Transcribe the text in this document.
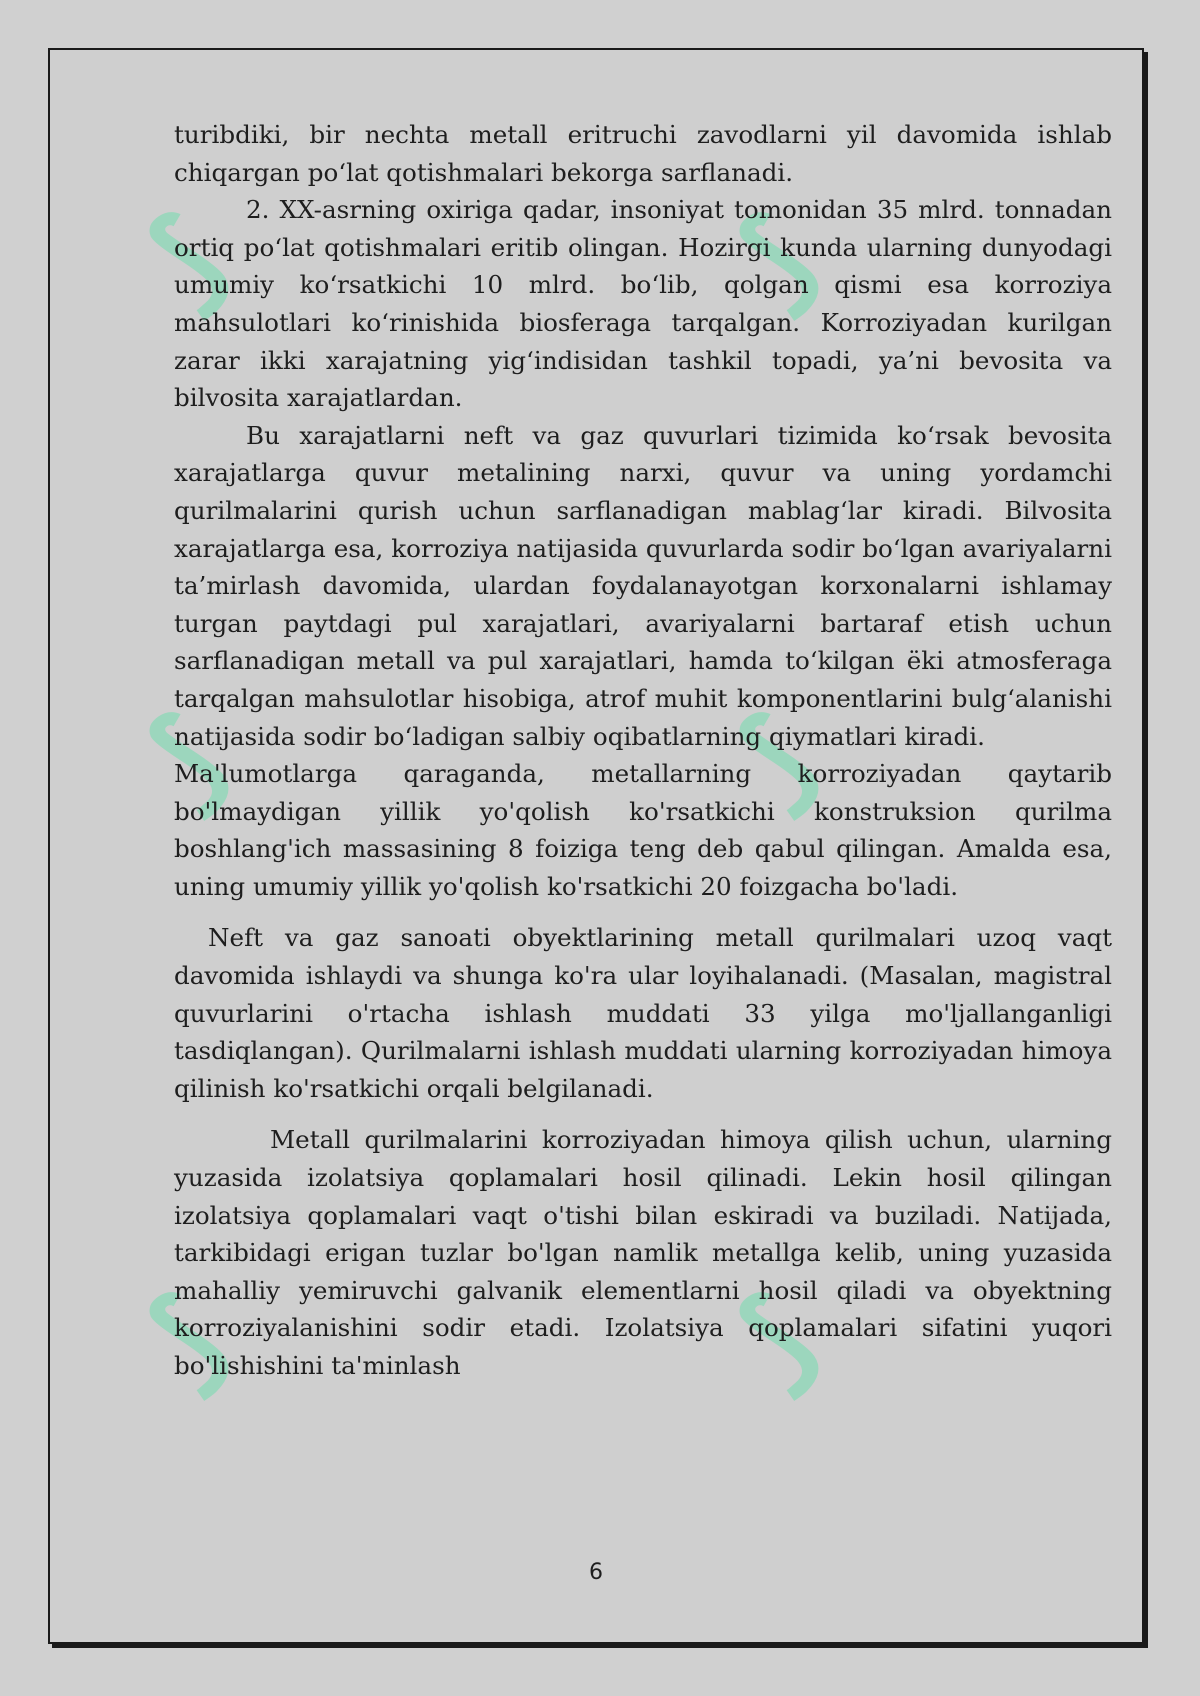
⟆	⟆
⟆	⟆
⟆	⟆

turibdiki, bir nechta metall eritruchi zavodlarni yil davomida ishlab chiqargan po‘lat qotishmalari bekorga sarflanadi.

2. XX-asrning oxiriga qadar, insoniyat tomonidan 35 mlrd. tonnadan ortiq po‘lat qotishmalari eritib olingan. Hozirgi kunda ularning dunyodagi umumiy ko‘rsatkichi 10 mlrd. bo‘lib, qolgan qismi esa korroziya mahsulotlari ko‘rinishida biosferaga tarqalgan. Korroziyadan kurilgan zarar ikki xarajatning yig‘indisidan tashkil topadi, ya’ni bevosita va bilvosita xarajatlardan.

Bu xarajatlarni neft va gaz quvurlari tizimida ko‘rsak bevosita xarajatlarga quvur metalining narxi, quvur va uning yordamchi qurilmalarini qurish uchun sarflanadigan mablag‘lar kiradi. Bilvosita xarajatlarga esa, korroziya natijasida quvurlarda sodir bo‘lgan avariyalarni ta’mirlash davomida, ulardan foydalanayotgan korxonalarni ishlamay turgan paytdagi pul xarajatlari, avariyalarni bartaraf etish uchun sarflanadigan metall va pul xarajatlari, hamda to‘kilgan ёki atmosferaga tarqalgan mahsulotlar hisobiga, atrof muhit komponentlarini bulg‘alanishi natijasida sodir bo‘ladigan salbiy oqibatlarning qiymatlari kiradi.

Ma'lumotlarga qaraganda, metallarning korroziyadan qaytarib bo'lmaydigan yillik yo'qolish ko'rsatkichi konstruksion qurilma boshlang'ich massasining 8 foiziga teng deb qabul qilingan. Amalda esa, uning umumiy yillik yo'qolish ko'rsatkichi 20 foizgacha bo'ladi.

Neft va gaz sanoati obyektlarining metall qurilmalari uzoq vaqt davomida ishlaydi va shunga ko'ra ular loyihalanadi. (Masalan, magistral quvurlarini o'rtacha ishlash muddati 33 yilga mo'ljallanganligi tasdiqlangan). Qurilmalarni ishlash muddati ularning korroziyadan himoya qilinish ko'rsatkichi orqali belgilanadi.

Metall qurilmalarini korroziyadan himoya qilish uchun, ularning yuzasida izolatsiya qoplamalari hosil qilinadi. Lekin hosil qilingan izolatsiya qoplamalari vaqt o'tishi bilan eskiradi va buziladi. Natijada, tarkibidagi erigan tuzlar bo'lgan namlik metallga kelib, uning yuzasida mahalliy yemiruvchi galvanik elementlarni hosil qiladi va obyektning korroziyalanishini sodir etadi. Izolatsiya qoplamalari sifatini yuqori bo'lishishini ta'minlash

6
